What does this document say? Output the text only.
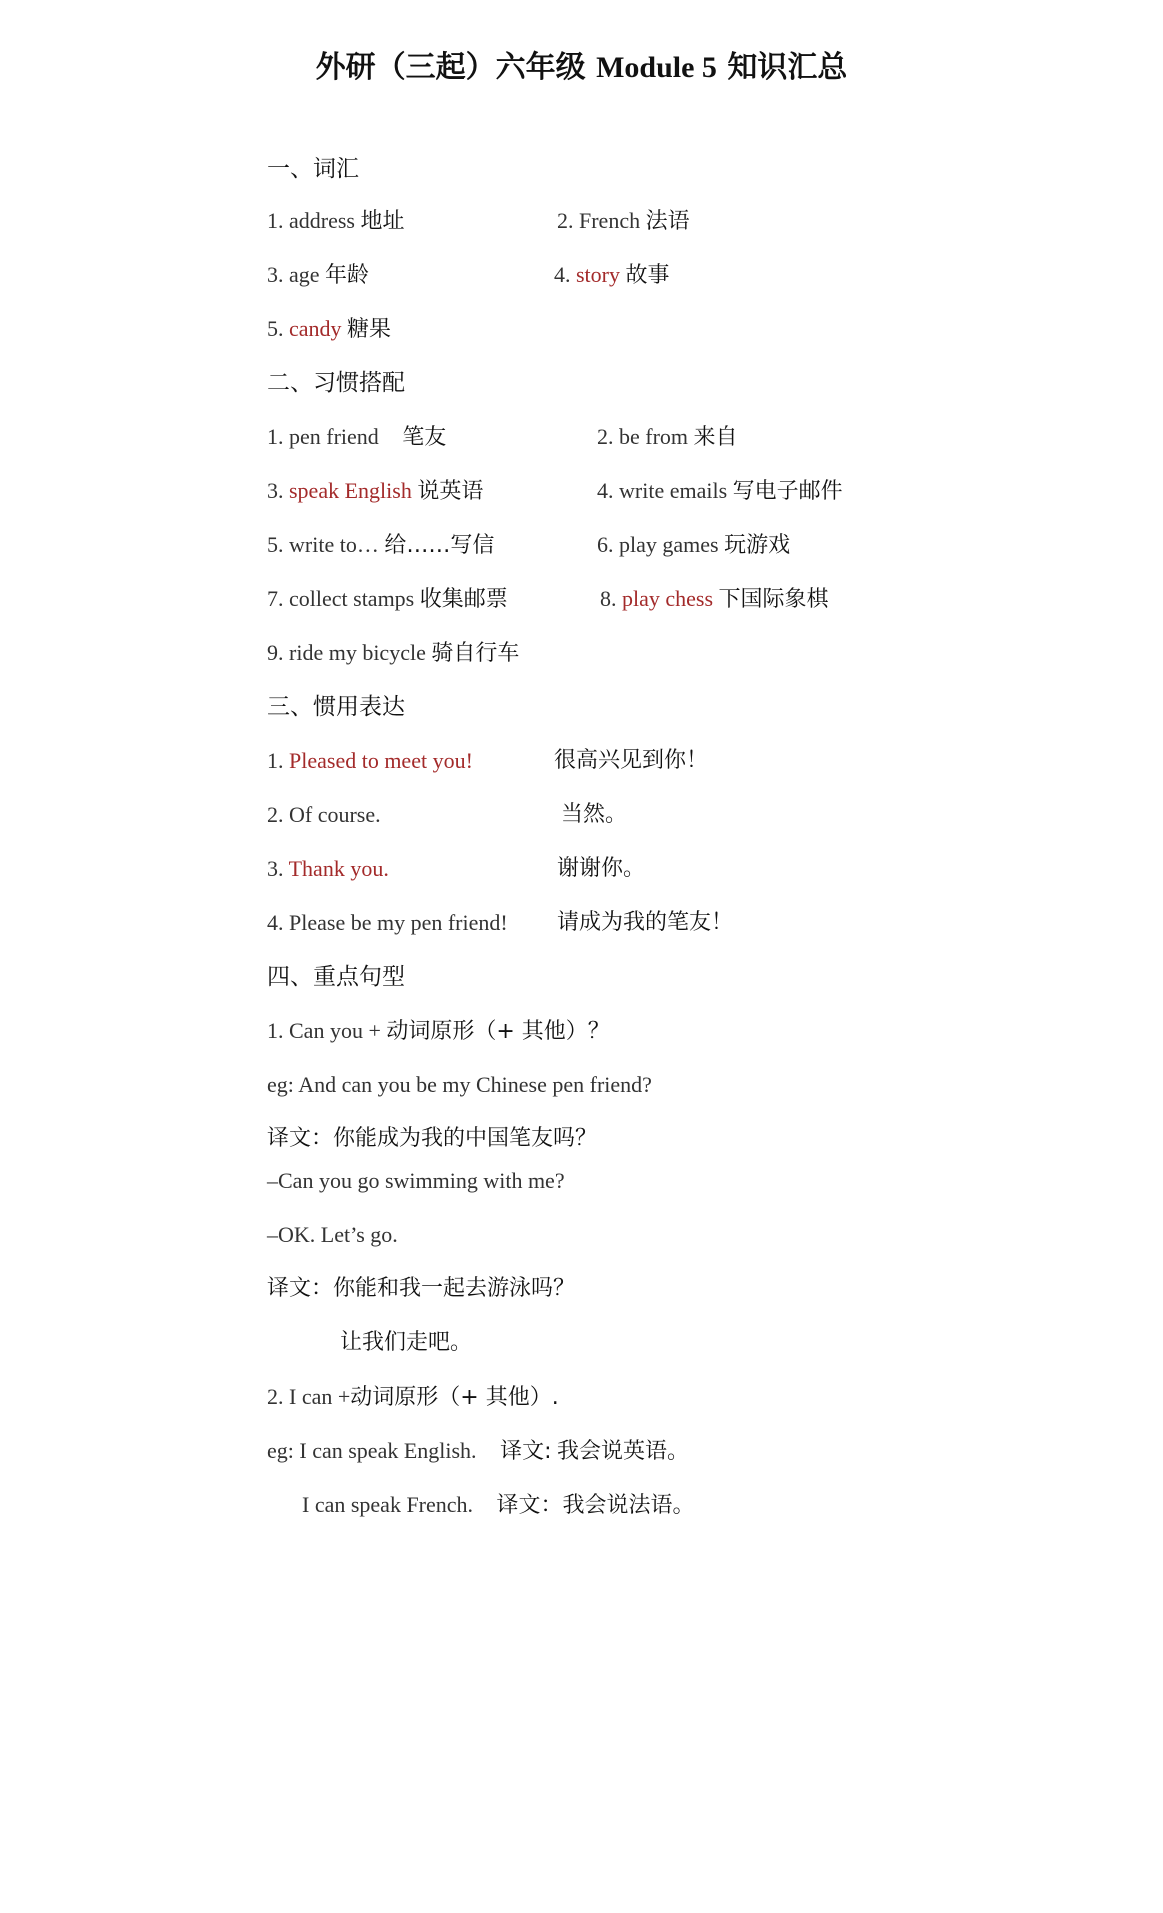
外研（三起）六年级 Module 5 知识汇总
一、词汇
1. address 地址	2. French 法语
3. age 年龄	4. story 故事
5. candy 糖果
二、习惯搭配
1. pen friend 笔友	2. be from 来自
3. speak English 说英语	4. write emails 写电子邮件
5. write to… 给……写信	6. play games 玩游戏
7. collect stamps 收集邮票	8. play chess 下国际象棋
9. ride my bicycle 骑自行车
三、惯用表达
1. Pleased to meet you!	很高兴见到你！
2. Of course.	当然。
3. Thank you.	谢谢你。
4. Please be my pen friend! 请成为我的笔友！
四、重点句型
1. Can you + 动词原形（+ 其他）？
eg: And can you be my Chinese pen friend?
译文：你能成为我的中国笔友吗？
–Can you go swimming with me?
–OK. Let’s go.
译文：你能和我一起去游泳吗？
让我们走吧。
2. I can +动词原形（+ 其他）.
eg: I can speak English. 译文: 我会说英语。
I can speak French. 译文：我会说法语。
